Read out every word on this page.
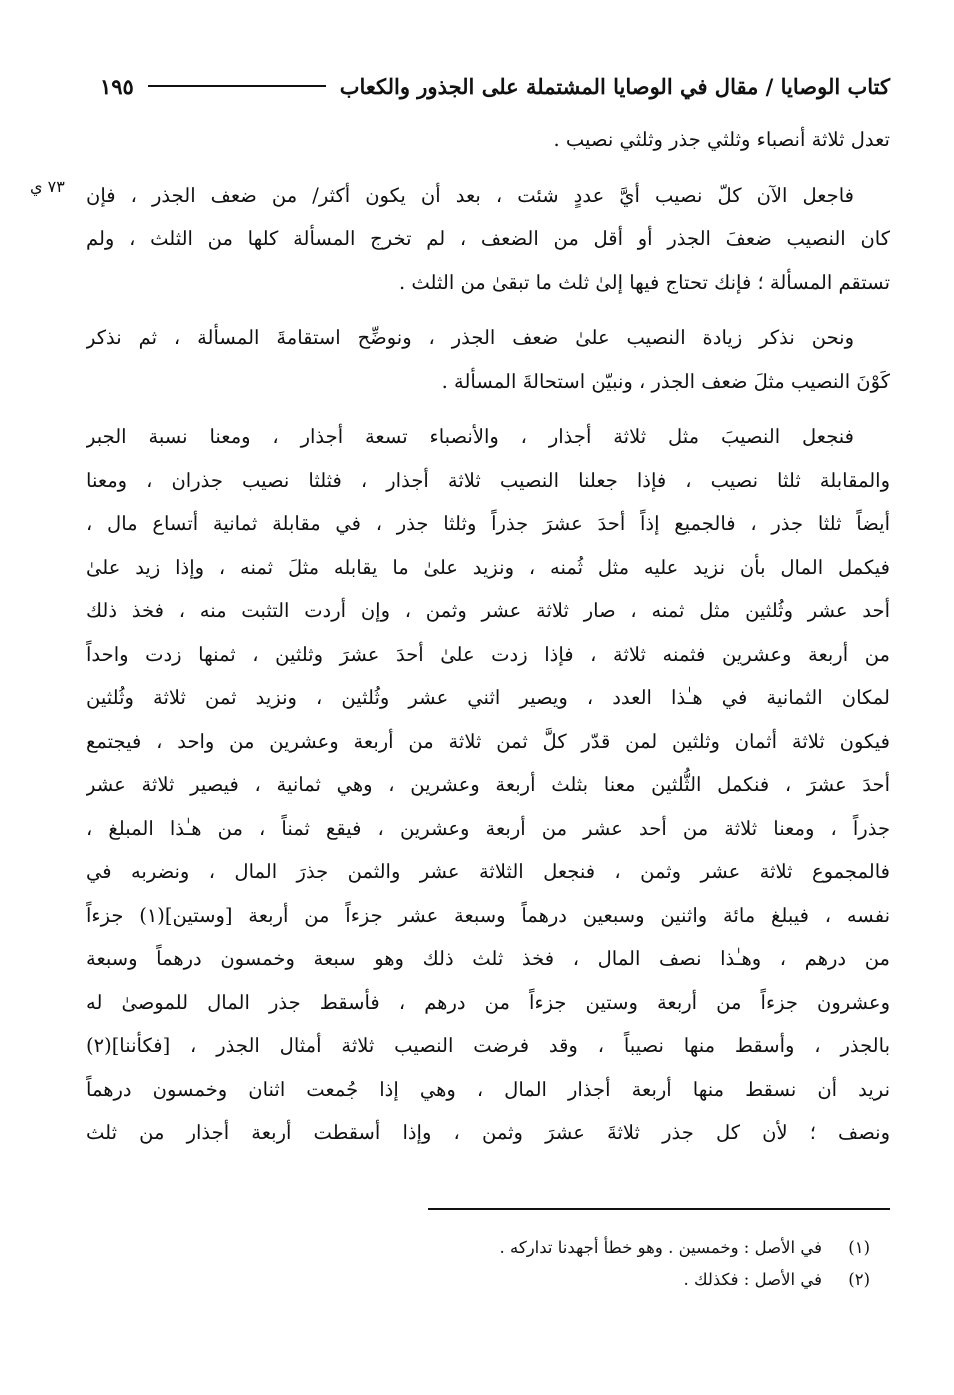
كتاب الوصايا / مقال في الوصايا المشتملة على الجذور والكعاب
١٩٥
٧٣ ي
تعدل ثلاثة أنصباء وثلثي جذر وثلثي نصيب .
فاجعل الآن كلّ نصيب أيَّ عددٍ شئت ، بعد أن يكون أكثر/ من ضعف الجذر ، فإن
كان النصيب ضعفَ الجذر أو أقل من الضعف ، لم تخرج المسألة كلها من الثلث ، ولم
تستقم المسألة ؛ فإنك تحتاج فيها إلىٰ ثلث ما تبقىٰ من الثلث .
ونحن نذكر زيادة النصيب علىٰ ضعف الجذر ، ونوضِّح استقامةَ المسألة ، ثم نذكر
كَوْنَ النصيب مثلَ ضعف الجذر ، ونبيّن استحالةَ المسألة .
فنجعل النصيبَ مثل ثلاثة أجذار ، والأنصباء تسعة أجذار ، ومعنا نسبة الجبر
والمقابلة ثلثا نصيب ، فإذا جعلنا النصيب ثلاثة أجذار ، فثلثا نصيب جذران ، ومعنا
أيضاً ثلثا جذر ، فالجميع إذاً أحدَ عشرَ جذراً وثلثا جذر ، في مقابلة ثمانية أتساع مال ،
فيكمل المال بأن نزيد عليه مثل ثُمنه ، ونزيد علىٰ ما يقابله مثلَ ثمنه ، وإذا زيد علىٰ
أحد عشر وثُلثين مثل ثمنه ، صار ثلاثة عشر وثمن ، وإن أردت التثبت منه ، فخذ ذلك
من أربعة وعشرين فثمنه ثلاثة ، فإذا زدت علىٰ أحدَ عشرَ وثلثين ، ثمنها زدت واحداً
لمكان الثمانية في هـٰذا العدد ، ويصير اثني عشر وثُلثين ، ونزيد ثمن ثلاثة وثُلثين
فيكون ثلاثة أثمان وثلثين لمن قدّر كلَّ ثمن ثلاثة من أربعة وعشرين من واحد ، فيجتمع
أحدَ عشرَ ، فنكمل الثُّلثين معنا بثلث أربعة وعشرين ، وهي ثمانية ، فيصير ثلاثة عشر
جذراً ، ومعنا ثلاثة من أحد عشر من أربعة وعشرين ، فيقع ثمناً ، من هـٰذا المبلغ ،
فالمجموع ثلاثة عشر وثمن ، فنجعل الثلاثة عشر والثمن جذرَ المال ، ونضربه في
نفسه ، فيبلغ مائة واثنين وسبعين درهماً وسبعة عشر جزءاً من أربعة [وستين](١) جزءاً
من درهم ، وهـٰذا نصف المال ، فخذ ثلث ذلك وهو سبعة وخمسون درهماً وسبعة
وعشرون جزءاً من أربعة وستين جزءاً من درهم ، فأسقط جذر المال للموصىٰ له
بالجذر ، وأسقط منها نصيباً ، وقد فرضت النصيب ثلاثة أمثال الجذر ، [فكأننا](٢)
نريد أن نسقط منها أربعة أجذار المال ، وهي إذا جُمعت اثنان وخمسون درهماً
ونصف ؛ لأن كل جذر ثلاثةَ عشرَ وثمن ، وإذا أسقطت أربعة أجذار من ثلث
(١)
في الأصل : وخمسين . وهو خطأ أجهدنا تداركه .
(٢)
في الأصل : فكذلك .
